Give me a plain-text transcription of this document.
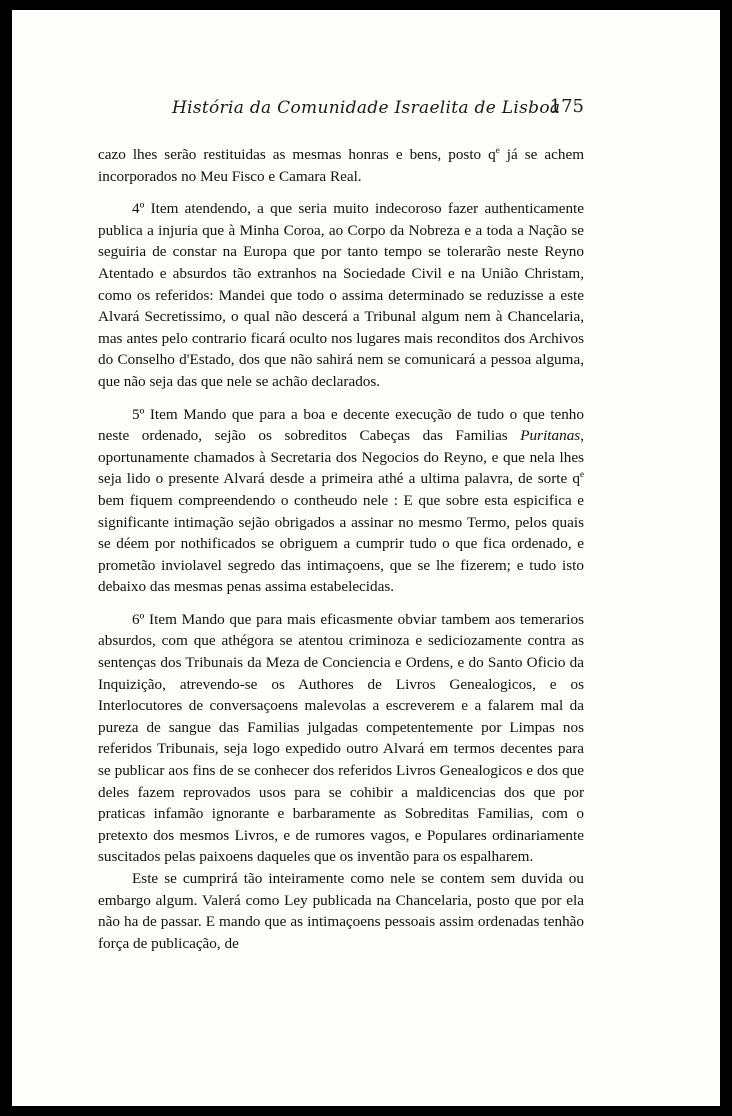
História da Comunidade Israelita de Lisboa
175

cazo lhes serão restituidas as mesmas honras e bens, posto $q^e$ já se achem incorporados no Meu Fisco e Camara Real.

4º Item atendendo, a que seria muito indecoroso fazer authenticamente publica a injuria que à Minha Coroa, ao Corpo da Nobreza e a toda a Nação se seguiria de constar na Europa que por tanto tempo se tolerarão neste Reyno Atentado e absurdos tão extranhos na Sociedade Civil e na União Christam, como os referidos: Mandei que todo o assima determinado se reduzisse a este Alvará Secretissimo, o qual não descerá a Tribunal algum nem à Chancelaria, mas antes pelo contrario ficará oculto nos lugares mais reconditos dos Archivos do Conselho d'Estado, dos que não sahirá nem se comunicará a pessoa alguma, que não seja das que nele se achão declarados.

5º Item Mando que para a boa e decente execução de tudo o que tenho neste ordenado, sejão os sobreditos Cabeças das Familias Puritanas, oportunamente chamados à Secretaria dos Negocios do Reyno, e que nela lhes seja lido o presente Alvará desde a primeira athé a ultima palavra, de sorte $q^e$ bem fiquem compreendendo o contheudo nele : E que sobre esta espicifica e significante intimação sejão obrigados a assinar no mesmo Termo, pelos quais se déem por nothificados se obriguem a cumprir tudo o que fica ordenado, e prometão inviolavel segredo das intimaçoens, que se lhe fizerem; e tudo isto debaixo das mesmas penas assima estabelecidas.

6º Item Mando que para mais eficasmente obviar tambem aos temerarios absurdos, com que athégora se atentou criminoza e sediciozamente contra as sentenças dos Tribunais da Meza de Conciencia e Ordens, e do Santo Oficio da Inquizição, atrevendo-se os Authores de Livros Genealogicos, e os Interlocutores de conversaçoens malevolas a escreverem e a falarem mal da pureza de sangue das Familias julgadas competentemente por Limpas nos referidos Tribunais, seja logo expedido outro Alvará em termos decentes para se publicar aos fins de se conhecer dos referidos Livros Genealogicos e dos que deles fazem reprovados usos para se cohibir a maldicencias dos que por praticas infamão ignorante e barbaramente as Sobreditas Familias, com o pretexto dos mesmos Livros, e de rumores vagos, e Populares ordinariamente suscitados pelas paixoens daqueles que os inventão para os espalharem.

Este se cumprirá tão inteiramente como nele se contem sem duvida ou embargo algum. Valerá como Ley publicada na Chancelaria, posto que por ela não ha de passar. E mando que as intimaçoens pessoais assim ordenadas tenhão força de publicação, de
